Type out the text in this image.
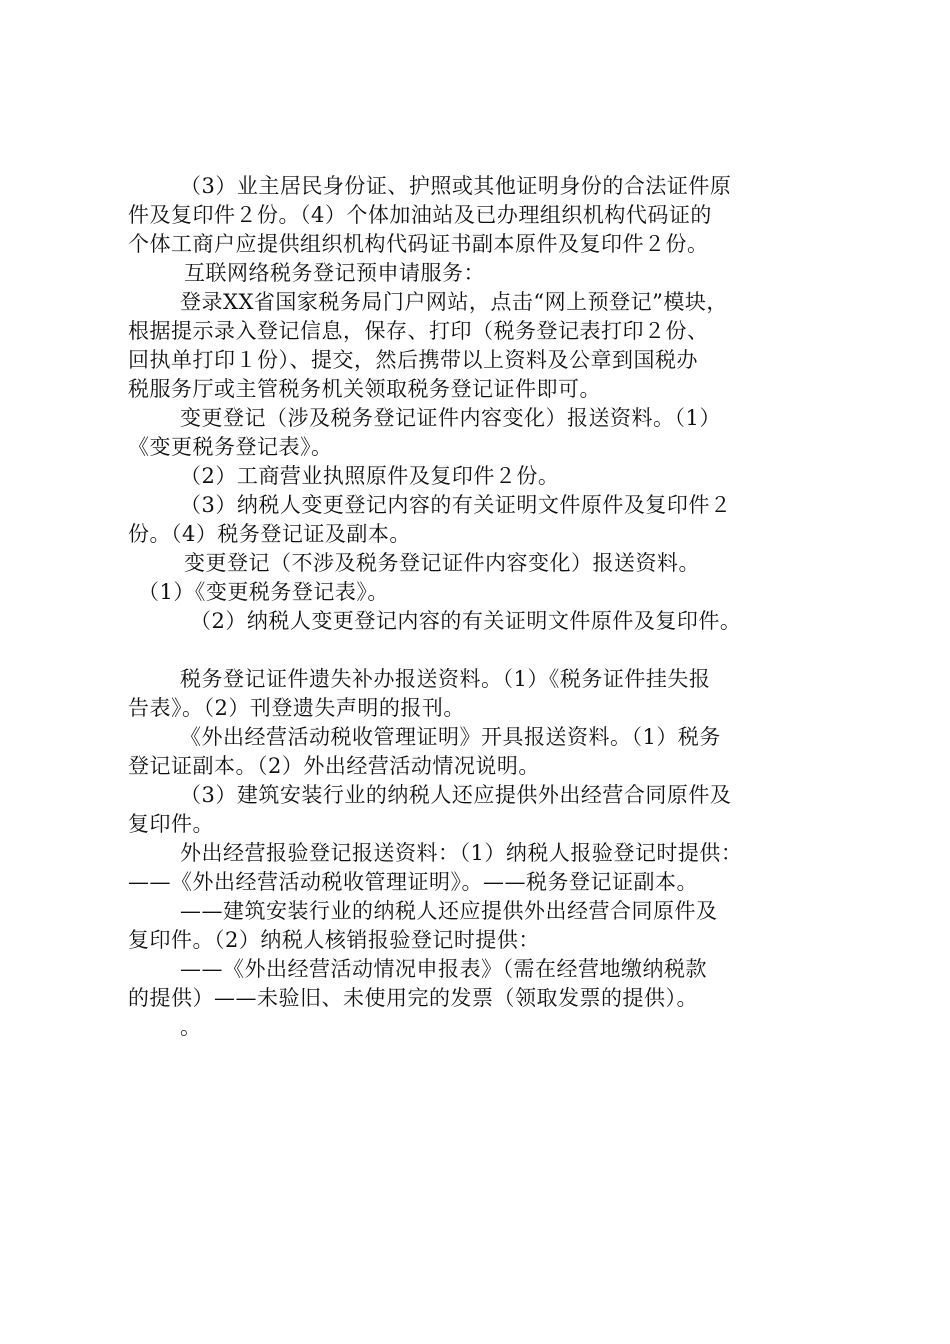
（3）业主居民身份证、护照或其他证明身份的合法证件原
件及复印件２份。（4）个体加油站及已办理组织机构代码证的
个体工商户应提供组织机构代码证书副本原件及复印件２份。
互联网络税务登记预申请服务：
登录XX省国家税务局门户网站，点击“网上预登记”模块，
根据提示录入登记信息，保存、打印（税务登记表打印２份、
回执单打印１份）、提交，然后携带以上资料及公章到国税办
税服务厅或主管税务机关领取税务登记证件即可。
变更登记（涉及税务登记证件内容变化）报送资料。（1）
《变更税务登记表》。
（2）工商营业执照原件及复印件２份。
（3）纳税人变更登记内容的有关证明文件原件及复印件２
份。（4）税务登记证及副本。
变更登记（不涉及税务登记证件内容变化）报送资料。
（1）《变更税务登记表》。
（2）纳税人变更登记内容的有关证明文件原件及复印件。
税务登记证件遗失补办报送资料。（1）《税务证件挂失报
告表》。（2）刊登遗失声明的报刊。
《外出经营活动税收管理证明》开具报送资料。（1）税务
登记证副本。（2）外出经营活动情况说明。
（3）建筑安装行业的纳税人还应提供外出经营合同原件及
复印件。
外出经营报验登记报送资料：（1）纳税人报验登记时提供：
——《外出经营活动税收管理证明》。——税务登记证副本。
——建筑安装行业的纳税人还应提供外出经营合同原件及
复印件。（2）纳税人核销报验登记时提供：
——《外出经营活动情况申报表》（需在经营地缴纳税款
的提供）——未验旧、未使用完的发票（领取发票的提供）。
。
